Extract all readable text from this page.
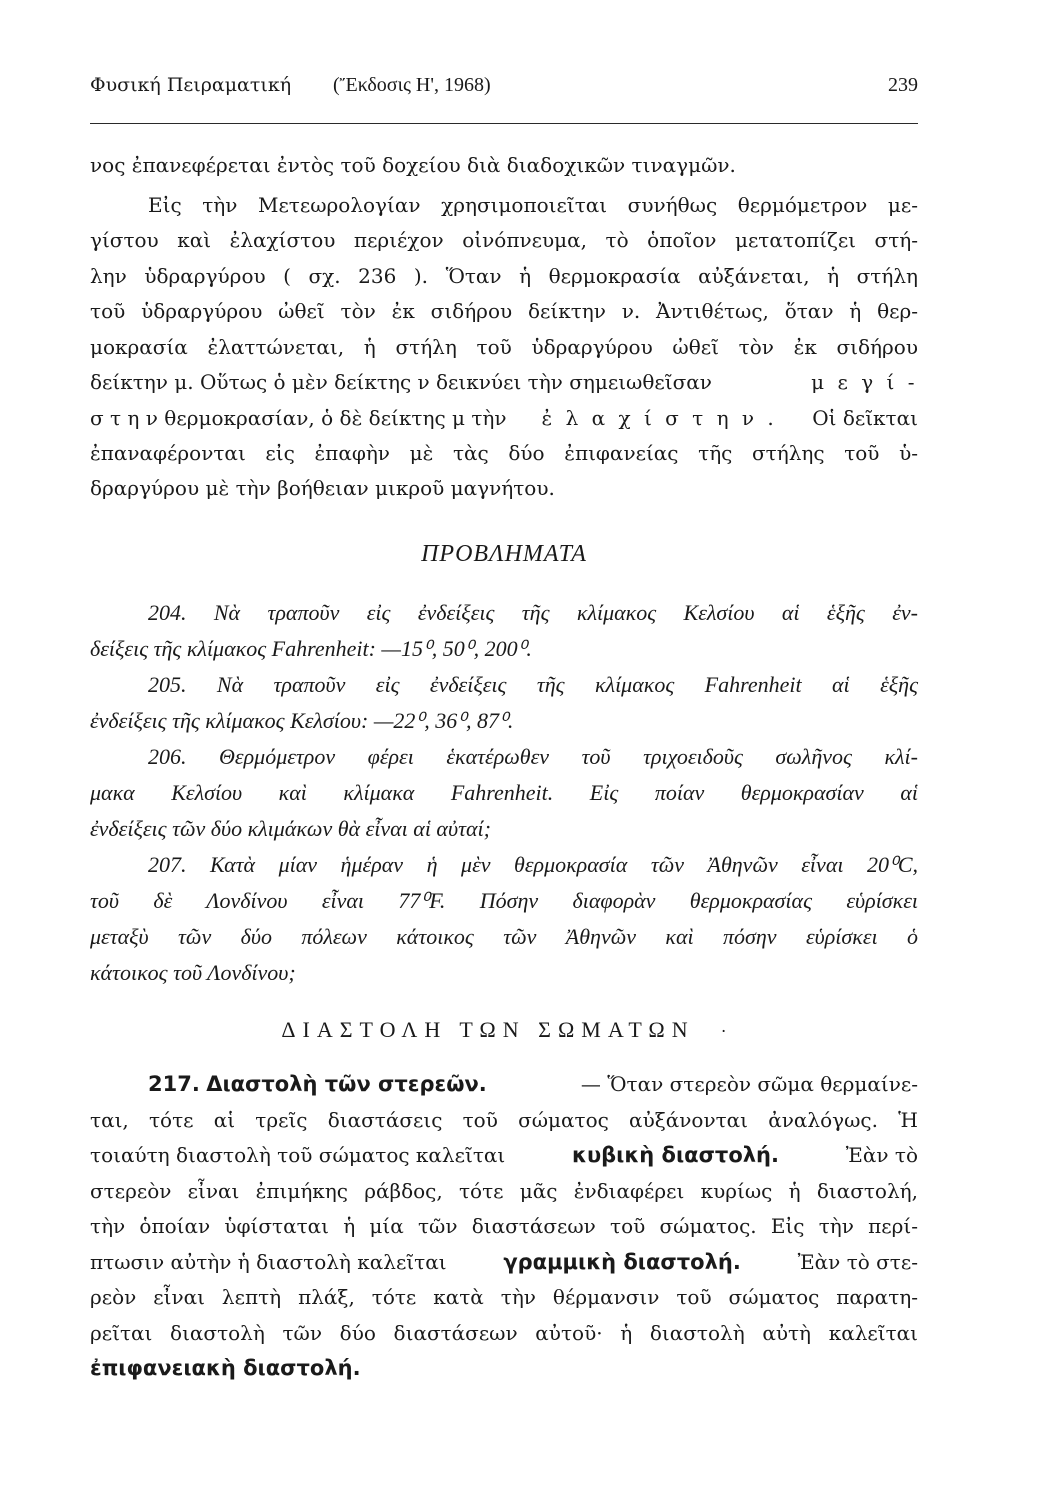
Φυσική Πειραματική (Ἔκδοσις Η', 1968)	239
νος ἐπανεφέρεται ἐντὸς τοῦ δοχείου διὰ διαδοχικῶν τιναγμῶν.
Εἰς τὴν Μετεωρολογίαν χρησιμοποιεῖται συνήθως θερμόμετρον με-
γίστου καὶ ἐλαχίστου περιέχον οἰνόπνευμα, τὸ ὁποῖον μετατοπίζει στή-
λην ὑδραργύρου ( σχ. 236 ). Ὅταν ἡ θερμοκρασία αὐξάνεται, ἡ στήλη
τοῦ ὑδραργύρου ὠθεῖ τὸν ἐκ σιδήρου δείκτην ν. Ἀντιθέτως, ὅταν ἡ θερ-
μοκρασία ἐλαττώνεται, ἡ στήλη τοῦ ὑδραργύρου ὠθεῖ τὸν ἐκ σιδήρου
δείκτην μ. Οὕτως ὁ μὲν δείκτης ν δεικνύει τὴν σημειωθεῖσαν	μ ε γ ί -
σ τ η ν θερμοκρασίαν, ὁ δὲ δείκτης μ τὴν ἐ λ α χ ί σ τ η ν . Οἱ δεῖκται
ἐπαναφέρονται εἰς ἐπαφὴν μὲ τὰς δύο ἐπιφανείας τῆς στήλης τοῦ ὑ-
δραργύρου μὲ τὴν βοήθειαν μικροῦ μαγνήτου.
ΠΡΟΒΛΗΜΑΤΑ
204. Νὰ τραποῦν εἰς ἐνδείξεις τῆς κλίμακος Κελσίου αἱ ἑξῆς ἐν-
δείξεις τῆς κλίμακος Fahrenheit: —15⁰, 50⁰, 200⁰.
205. Νὰ τραποῦν εἰς ἐνδείξεις τῆς κλίμακος Fahrenheit αἱ ἑξῆς
ἐνδείξεις τῆς κλίμακος Κελσίου: —22⁰, 36⁰, 87⁰.
206. Θερμόμετρον φέρει ἑκατέρωθεν τοῦ τριχοειδοῦς σωλῆνος κλί-
μακα Κελσίου καὶ κλίμακα Fahrenheit. Εἰς ποίαν θερμοκρασίαν αἱ
ἐνδείξεις τῶν δύο κλιμάκων θὰ εἶναι αἱ αὐταί;
207. Κατὰ μίαν ἡμέραν ἡ μὲν θερμοκρασία τῶν Ἀθηνῶν εἶναι 20⁰C,
τοῦ δὲ Λονδίνου εἶναι 77⁰F. Πόσην διαφορὰν θερμοκρασίας εὑρίσκει
μεταξὺ τῶν δύο πόλεων κάτοικος τῶν Ἀθηνῶν καὶ πόσην εὑρίσκει ὁ
κάτοικος τοῦ Λονδίνου;
ΔΙΑΣΤΟΛΗ ΤΩΝ ΣΩΜΑΤΩΝ ·
217. Διαστολὴ τῶν στερεῶν.	— Ὅταν στερεὸν σῶμα θερμαίνε-
ται, τότε αἱ τρεῖς διαστάσεις τοῦ σώματος αὐξάνονται ἀναλόγως. Ἡ
τοιαύτη διαστολὴ τοῦ σώματος καλεῖται	κυβικὴ διαστολή.	Ἐὰν τὸ
στερεὸν εἶναι ἐπιμήκης ράβδος, τότε μᾶς ἐνδιαφέρει κυρίως ἡ διαστολή,
τὴν ὁποίαν ὑφίσταται ἡ μία τῶν διαστάσεων τοῦ σώματος. Εἰς τὴν περί-
πτωσιν αὐτὴν ἡ διαστολὴ καλεῖται	γραμμικὴ διαστολή.	Ἐὰν τὸ στε-
ρεὸν εἶναι λεπτὴ πλάξ, τότε κατὰ τὴν θέρμανσιν τοῦ σώματος παρατη-
ρεῖται διαστολὴ τῶν δύο διαστάσεων αὐτοῦ· ἡ διαστολὴ αὐτὴ καλεῖται
ἐπιφανειακὴ διαστολή.
